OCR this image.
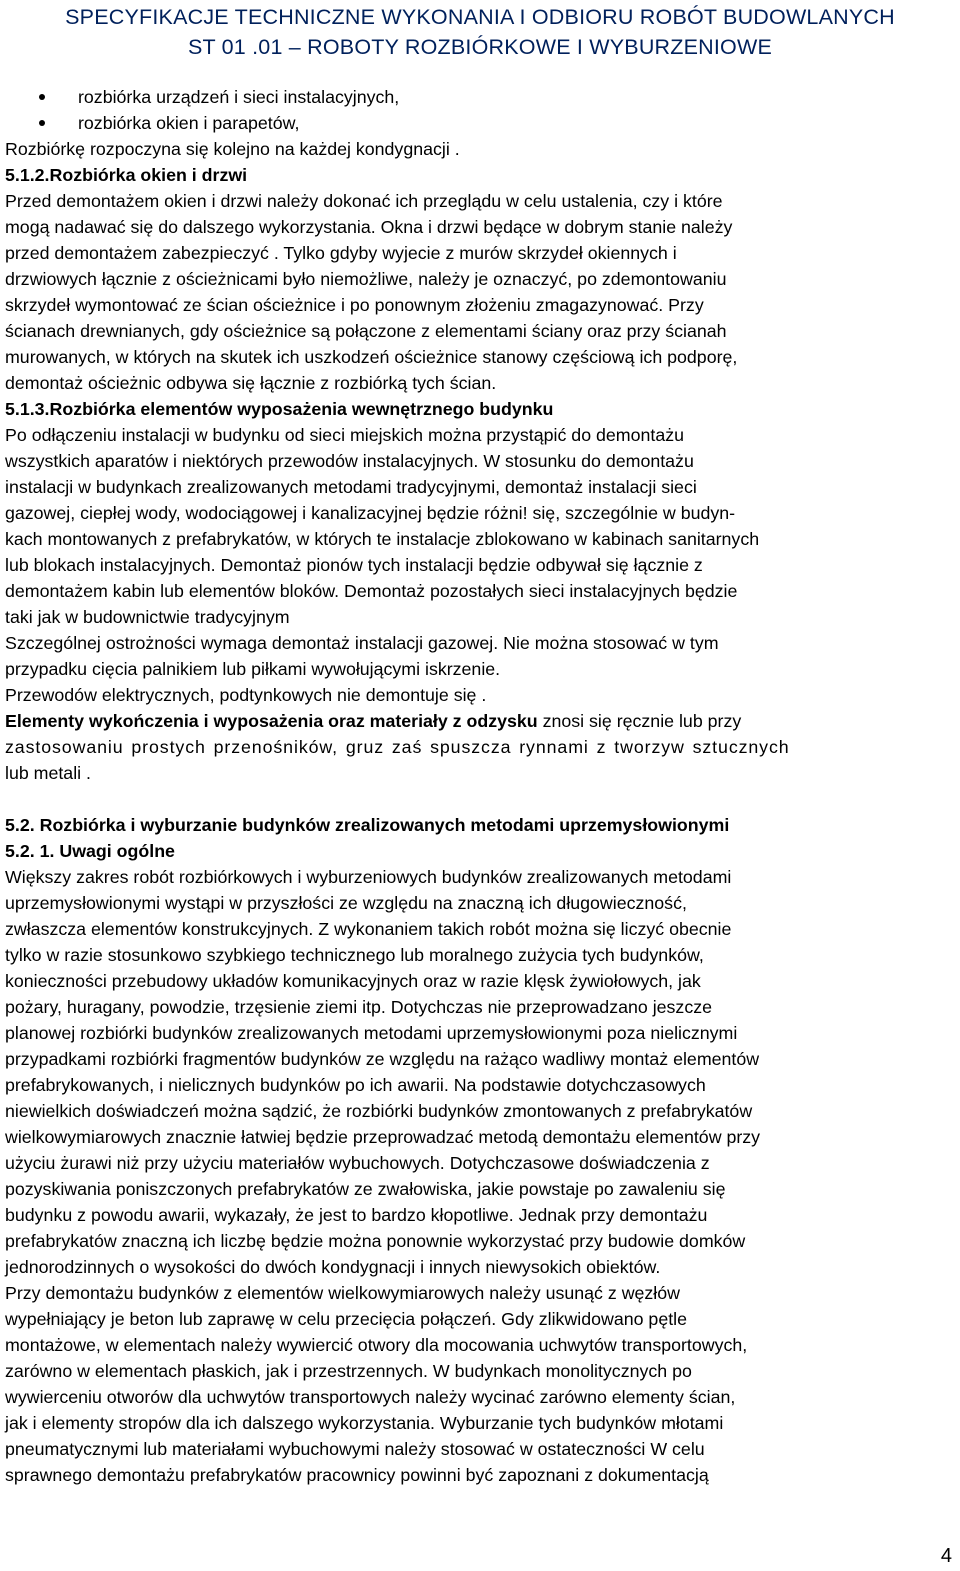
SPECYFIKACJE TECHNICZNE WYKONANIA I ODBIORU ROBÓT BUDOWLANYCH
ST 01 .01 – ROBOTY ROZBIÓRKOWE I WYBURZENIOWE
rozbiórka urządzeń i sieci instalacyjnych,
rozbiórka okien i parapetów,
Rozbiórkę rozpoczyna się kolejno na każdej kondygnacji .
5.1.2.Rozbiórka okien i drzwi
Przed demontażem okien i drzwi należy dokonać ich przeglądu w celu ustalenia, czy i które
mogą nadawać się do dalszego wykorzystania. Okna i drzwi będące w dobrym stanie należy
przed demontażem zabezpieczyć . Tylko gdyby wyjecie z murów skrzydeł okiennych i
drzwiowych łącznie z ościeżnicami było niemożliwe, należy je oznaczyć, po zdemontowaniu
skrzydeł wymontować ze ścian ościeżnice i po ponownym złożeniu zmagazynować. Przy
ścianach drewnianych, gdy ościeżnice są połączone z elementami ściany oraz przy ścianah
murowanych, w których na skutek ich uszkodzeń ościeżnice stanowy częściową ich podporę,
demontaż ościeżnic odbywa się łącznie z rozbiórką tych ścian.
5.1.3.Rozbiórka elementów wyposażenia wewnętrznego budynku
Po odłączeniu instalacji w budynku od sieci miejskich można przystąpić do demontażu
wszystkich aparatów i niektórych przewodów instalacyjnych. W stosunku do demontażu
instalacji w budynkach zrealizowanych metodami tradycyjnymi, demontaż instalacji sieci
gazowej, ciepłej wody, wodociągowej i kanalizacyjnej będzie różni! się, szczególnie w budyn-
kach montowanych z prefabrykatów, w których te instalacje zblokowano w kabinach sanitarnych
lub blokach instalacyjnych. Demontaż pionów tych instalacji będzie odbywał się łącznie z
demontażem kabin lub elementów bloków. Demontaż pozostałych sieci instalacyjnych będzie
taki jak w budownictwie tradycyjnym
Szczególnej ostrożności wymaga demontaż instalacji gazowej. Nie można stosować w tym
przypadku cięcia palnikiem lub piłkami wywołującymi iskrzenie.
Przewodów elektrycznych, podtynkowych nie demontuje się .
Elementy wykończenia i wyposażenia oraz materiały z odzysku znosi się ręcznie lub przy
zastosowaniu prostych przenośników, gruz zaś spuszcza rynnami z tworzyw sztucznych
lub metali .
5.2. Rozbiórka i wyburzanie budynków zrealizowanych metodami uprzemysłowionymi
5.2. 1. Uwagi ogólne
Większy zakres robót rozbiórkowych i wyburzeniowych budynków zrealizowanych metodami
uprzemysłowionymi wystąpi w przyszłości ze względu na znaczną ich długowieczność,
zwłaszcza elementów konstrukcyjnych. Z wykonaniem takich robót można się liczyć obecnie
tylko w razie stosunkowo szybkiego technicznego lub moralnego zużycia tych budynków,
konieczności przebudowy układów komunikacyjnych oraz w razie klęsk żywiołowych, jak
pożary, huragany, powodzie, trzęsienie ziemi itp. Dotychczas nie przeprowadzano jeszcze
planowej rozbiórki budynków zrealizowanych metodami uprzemysłowionymi poza nielicznymi
przypadkami rozbiórki fragmentów budynków ze względu na rażąco wadliwy montaż elementów
prefabrykowanych, i nielicznych budynków po ich awarii. Na podstawie dotychczasowych
niewielkich doświadczeń można sądzić, że rozbiórki budynków zmontowanych z prefabrykatów
wielkowymiarowych znacznie łatwiej będzie przeprowadzać metodą demontażu elementów przy
użyciu żurawi niż przy użyciu materiałów wybuchowych. Dotychczasowe doświadczenia z
pozyskiwania poniszczonych prefabrykatów ze zwałowiska, jakie powstaje po zawaleniu się
budynku z powodu awarii, wykazały, że jest to bardzo kłopotliwe. Jednak przy demontażu
prefabrykatów znaczną ich liczbę będzie można ponownie wykorzystać przy budowie domków
jednorodzinnych o wysokości do dwóch kondygnacji i innych niewysokich obiektów.
Przy demontażu budynków z elementów wielkowymiarowych należy usunąć z węzłów
wypełniający je beton lub zaprawę w celu przecięcia połączeń. Gdy zlikwidowano pętle
montażowe, w elementach należy wywiercić otwory dla mocowania uchwytów transportowych,
zarówno w elementach płaskich, jak i przestrzennych. W budynkach monolitycznych po
wywierceniu otworów dla uchwytów transportowych należy wycinać zarówno elementy ścian,
jak i elementy stropów dla ich dalszego wykorzystania. Wyburzanie tych budynków młotami
pneumatycznymi lub materiałami wybuchowymi należy stosować w ostateczności W celu
sprawnego demontażu prefabrykatów pracownicy powinni być zapoznani z dokumentacją
4
